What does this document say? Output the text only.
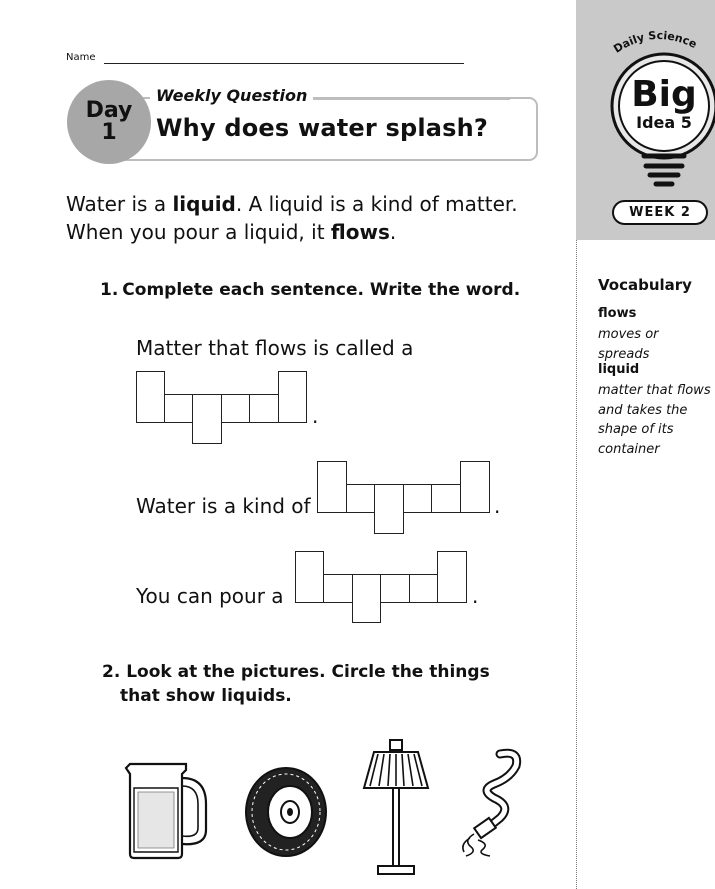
Name
Weekly Question
Why does water splash?
Day
1
Water is a liquid. A liquid is a kind of matter.
When you pour a liquid, it flows.
1. Complete each sentence. Write the word.
Matter that flows is called a
.
Water is a kind of	.
You can pour a	.
2. Look at the pictures. Circle the things
that show liquids.
Daily Science
Big
Idea 5
WEEK 2
Vocabulary
flows
moves or spreads
liquid
matter that flows and takes the shape of its container
